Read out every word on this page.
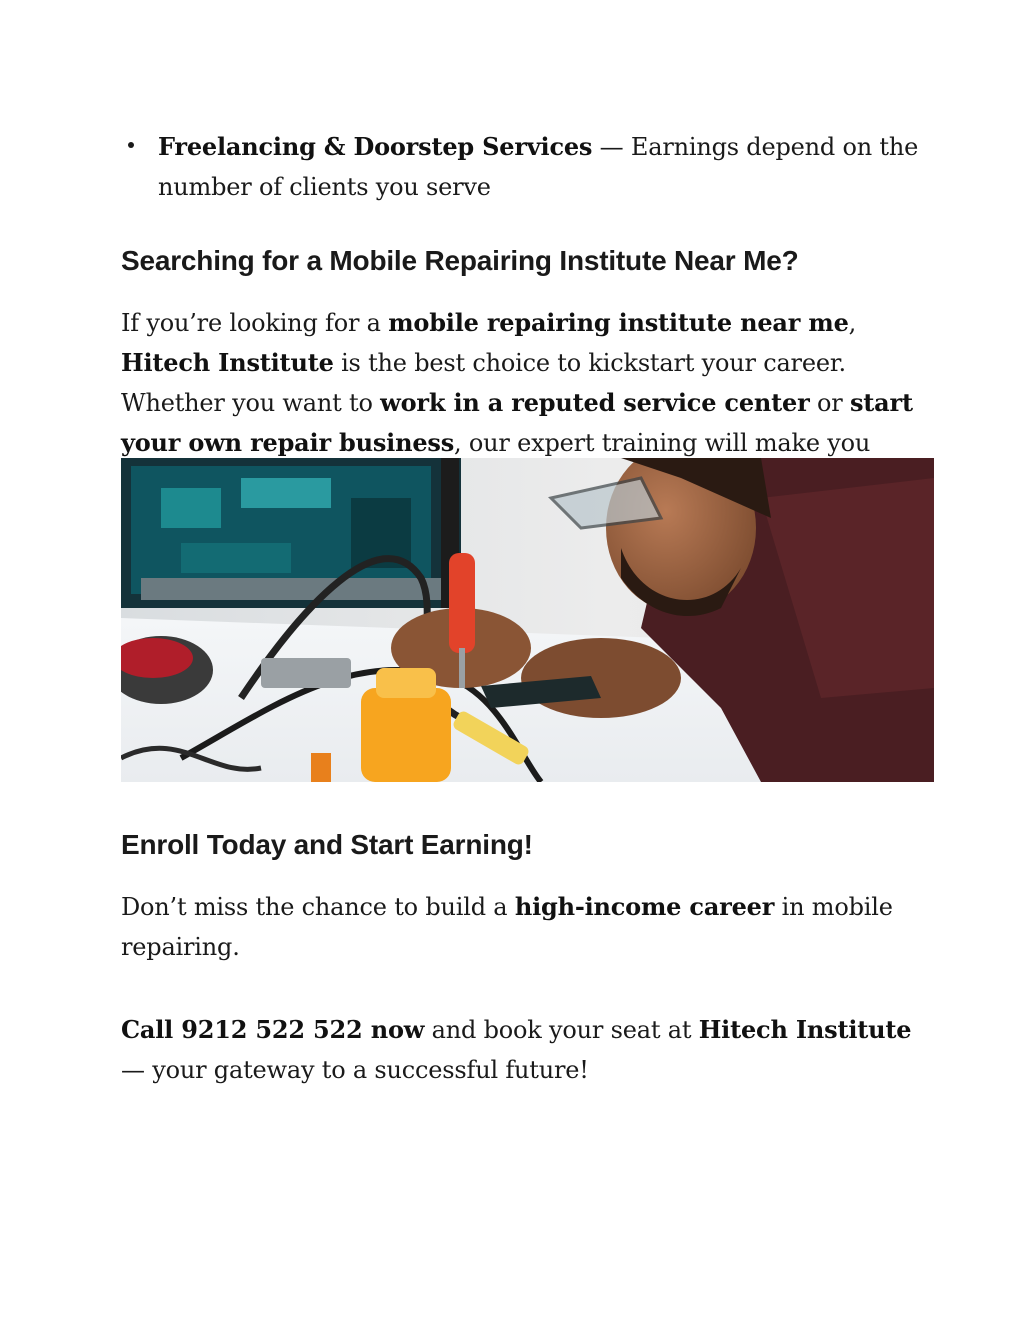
Freelancing & Doorstep Services — Earnings depend on the number of clients you serve
Searching for a Mobile Repairing Institute Near Me?

If you’re looking for a mobile repairing institute near me, Hitech Institute is the best choice to kickstart your career. Whether you want to work in a reputed service center or start your own repair business, our expert training will make you

Enroll Today and Start Earning!

Don’t miss the chance to build a high-income career in mobile repairing.

Call 9212 522 522 now and book your seat at Hitech Institute — your gateway to a successful future!
